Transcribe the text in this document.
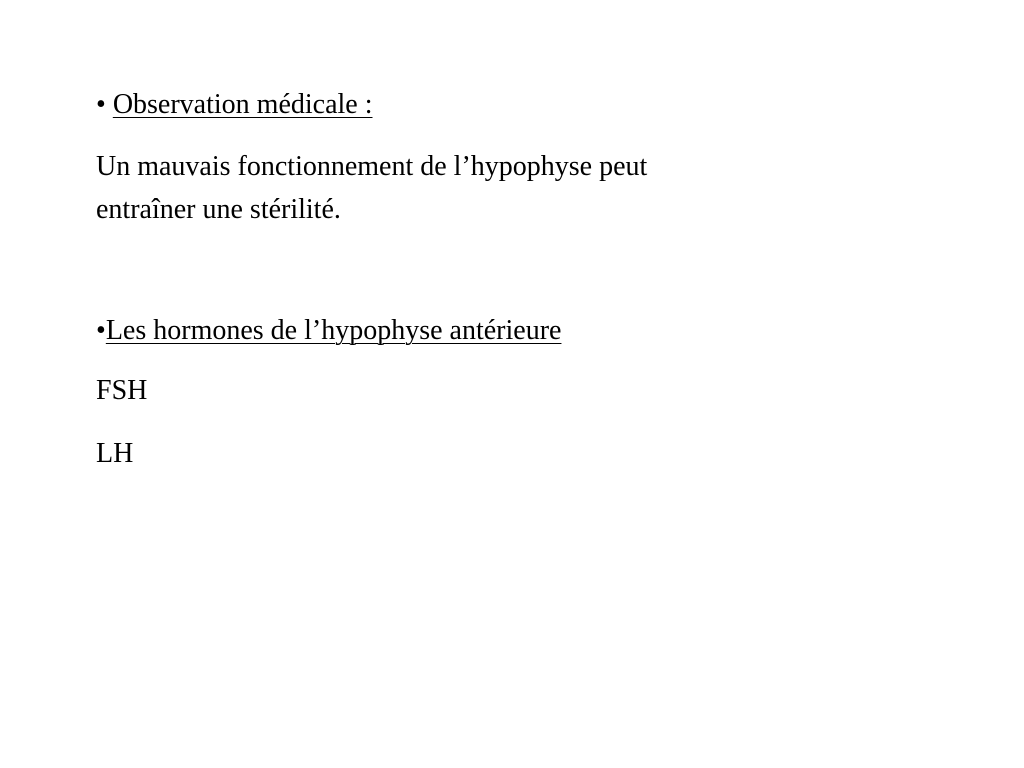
• Observation médicale :
Un mauvais fonctionnement de l’hypophyse peut
entraîner une stérilité.
•Les hormones de l’hypophyse antérieure
FSH
LH
